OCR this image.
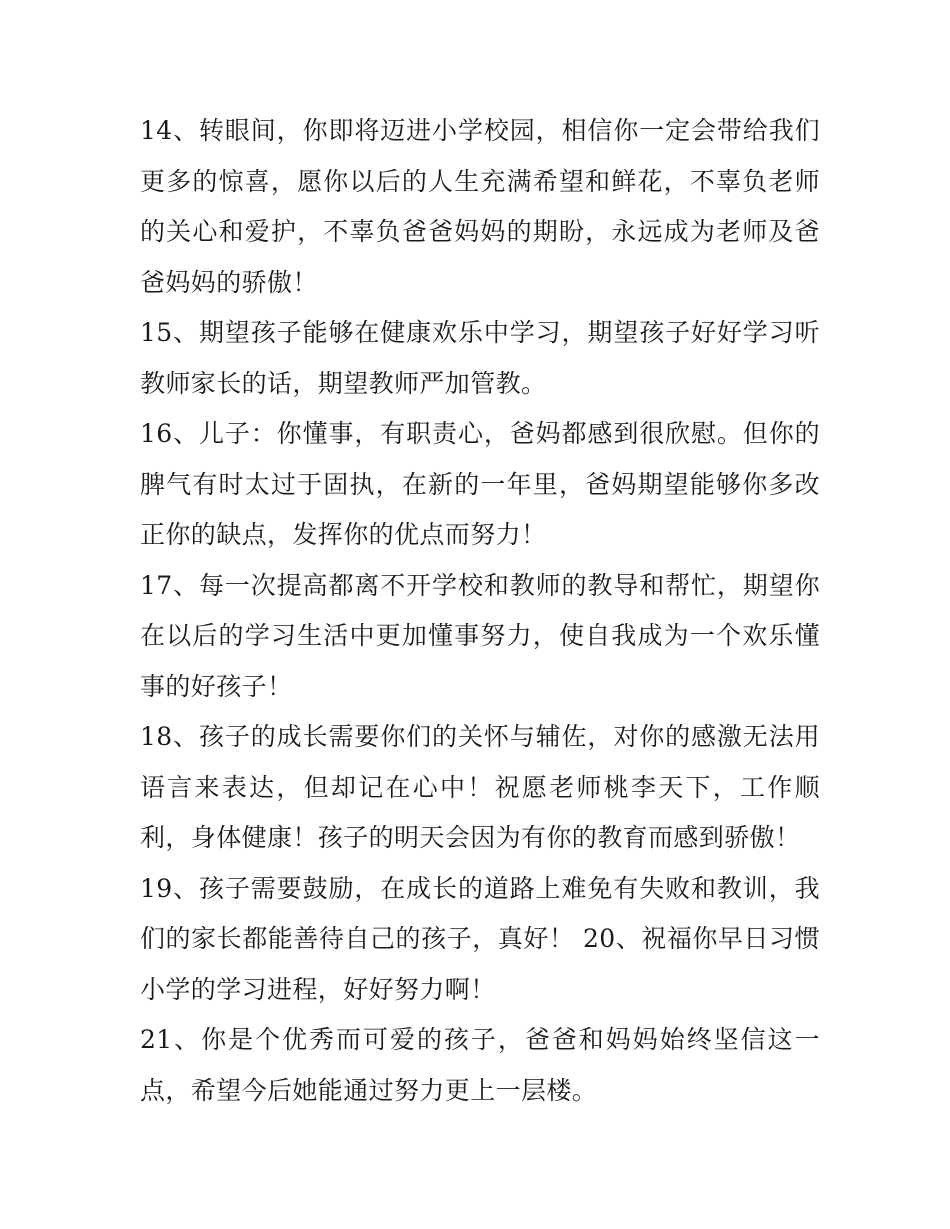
14、转眼间，你即将迈进小学校园，相信你一定会带给我们更多的惊喜，愿你以后的人生充满希望和鲜花，不辜负老师的关心和爱护，不辜负爸爸妈妈的期盼，永远成为老师及爸爸妈妈的骄傲！

15、期望孩子能够在健康欢乐中学习，期望孩子好好学习听教师家长的话，期望教师严加管教。

16、儿子：你懂事，有职责心，爸妈都感到很欣慰。但你的脾气有时太过于固执，在新的一年里，爸妈期望能够你多改正你的缺点，发挥你的优点而努力！

17、每一次提高都离不开学校和教师的教导和帮忙，期望你在以后的学习生活中更加懂事努力，使自我成为一个欢乐懂事的好孩子！

18、孩子的成长需要你们的关怀与辅佐，对你的感激无法用语言来表达，但却记在心中！祝愿老师桃李天下，工作顺利，身体健康！孩子的明天会因为有你的教育而感到骄傲！

19、孩子需要鼓励，在成长的道路上难免有失败和教训，我们的家长都能善待自己的孩子，真好！ 20、祝福你早日习惯小学的学习进程，好好努力啊！

21、你是个优秀而可爱的孩子，爸爸和妈妈始终坚信这一点，希望今后她能通过努力更上一层楼。
